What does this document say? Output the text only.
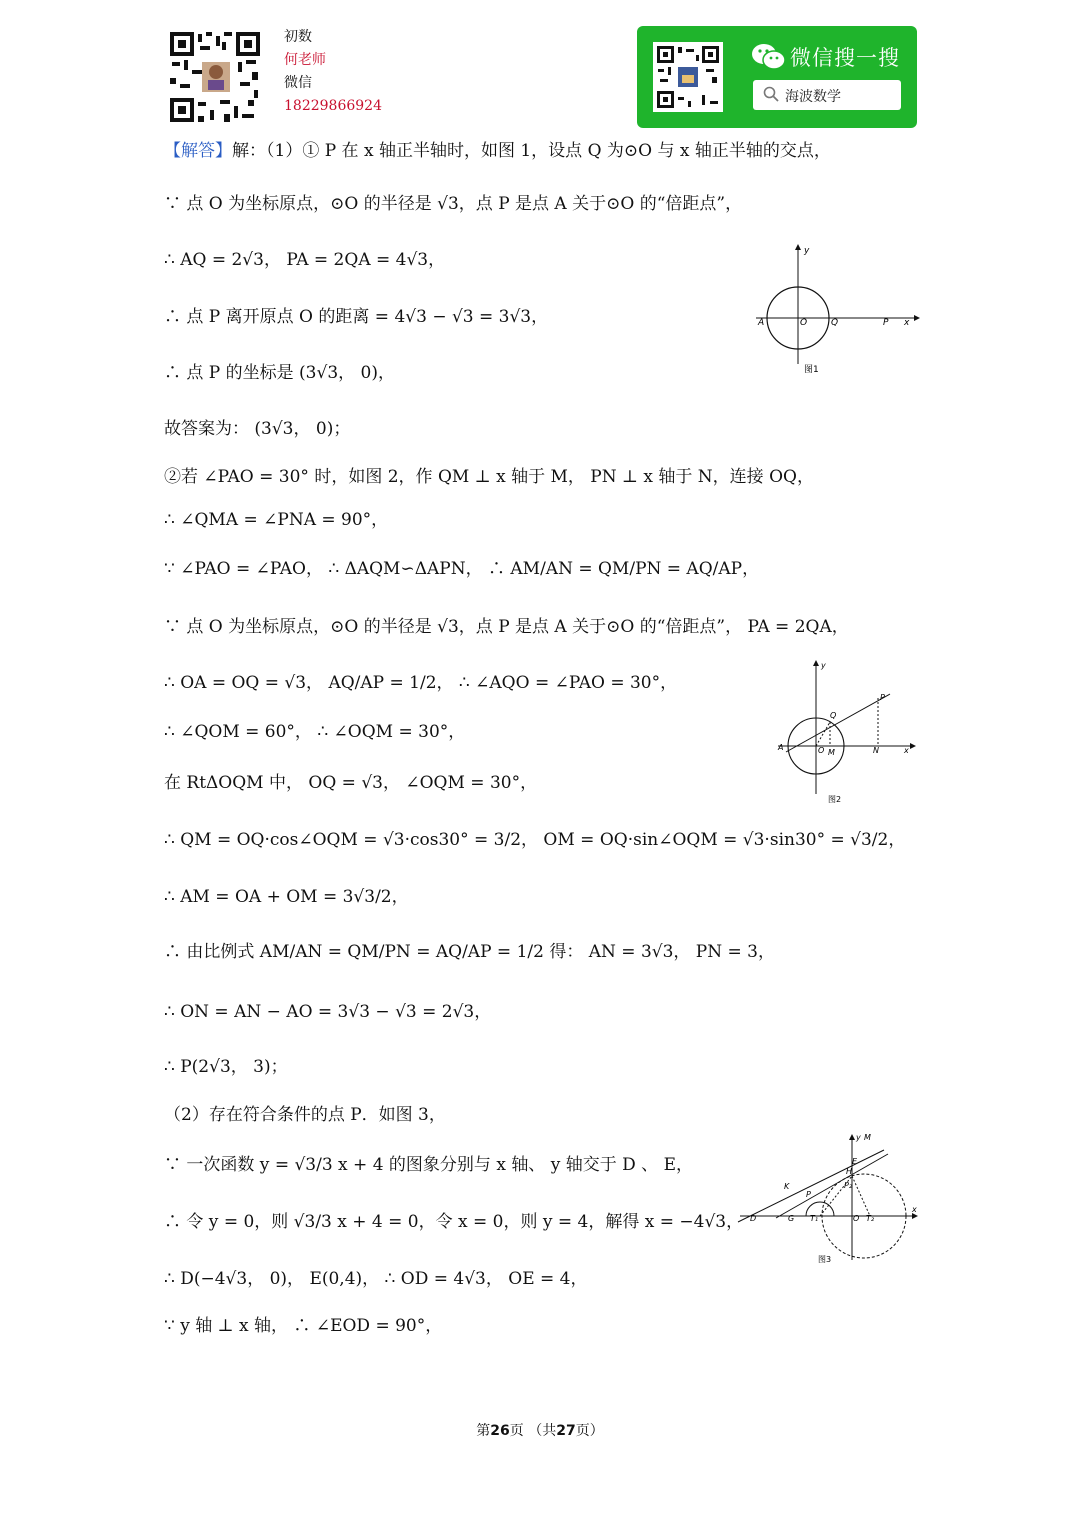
初数
何老师
微信
18229866924
微信搜一搜
海波数学
【解答】解：（1）① P 在 x 轴正半轴时，如图 1，设点 Q 为⊙O 与 x 轴正半轴的交点，
∵ 点 O 为坐标原点，⊙O 的半径是 √3，点 P 是点 A 关于⊙O 的“倍距点”，
∴ AQ = 2√3， PA = 2QA = 4√3，
∴ 点 P 离开原点 O 的距离 = 4√3 − √3 = 3√3，
∴ 点 P 的坐标是 (3√3， 0)，
故答案为： (3√3， 0)；
②若 ∠PAO = 30° 时，如图 2，作 QM ⊥ x 轴于 M， PN ⊥ x 轴于 N，连接 OQ，
∴ ∠QMA = ∠PNA = 90°，
∵ ∠PAO = ∠PAO， ∴ ΔAQM∽ΔAPN， ∴ AM/AN = QM/PN = AQ/AP，
∵ 点 O 为坐标原点，⊙O 的半径是 √3，点 P 是点 A 关于⊙O 的“倍距点”， PA = 2QA，
∴ OA = OQ = √3， AQ/AP = 1/2， ∴ ∠AQO = ∠PAO = 30°，
∴ ∠QOM = 60°， ∴ ∠OQM = 30°，
在 RtΔOQM 中， OQ = √3， ∠OQM = 30°，
∴ QM = OQ·cos∠OQM = √3·cos30° = 3/2， OM = OQ·sin∠OQM = √3·sin30° = √3/2，
∴ AM = OA + OM = 3√3/2，
∴ 由比例式 AM/AN = QM/PN = AQ/AP = 1/2 得： AN = 3√3， PN = 3，
∴ ON = AN − AO = 3√3 − √3 = 2√3，
∴ P(2√3， 3)；
（2）存在符合条件的点 P．如图 3，
∵ 一次函数 y = √3/3 x + 4 的图象分别与 x 轴、 y 轴交于 D 、 E，
∴ 令 y = 0，则 √3/3 x + 4 = 0，令 x = 0，则 y = 4，解得 x = −4√3，
∴ D(−4√3， 0)， E(0,4)， ∴ OD = 4√3， OE = 4，
∵ y 轴 ⊥ x 轴， ∴ ∠EOD = 90°，
y
x
A	O	Q	P
图1
y
x
A	O M
Q
N
P
图2
y M
x
D	G
K
P
T₁	O T₂
H
E
P₂
图3
第26页 （共27页）
